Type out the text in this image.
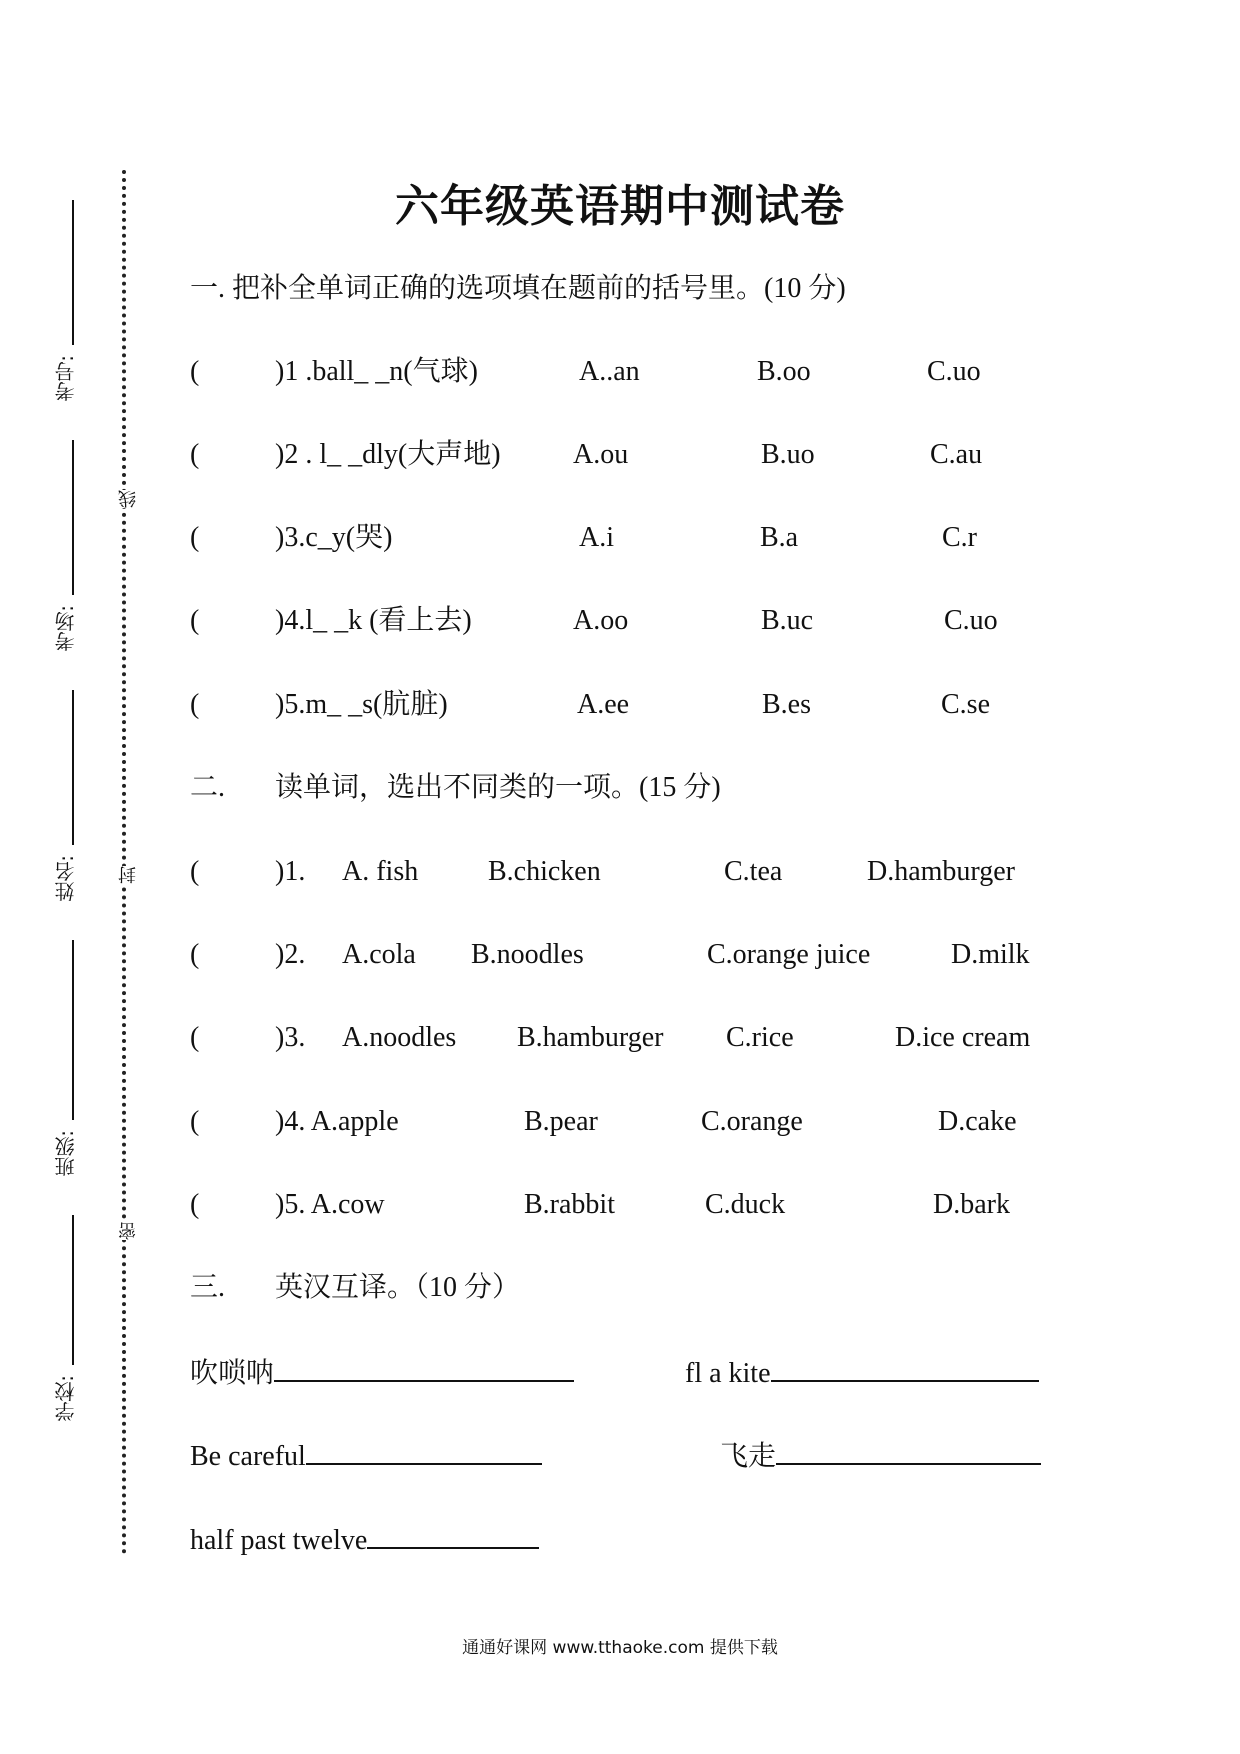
考号:
考场:
姓名:
班级:
学校:
线
封
密
六年级英语期中测试卷
一. 把补全单词正确的选项填在题前的括号里。(10 分)
(	)1 .ball_ _n(气球)	A..an	B.oo	C.uo
(	)2 . l_ _dly(大声地)	A.ou	B.uo	C.au
(	)3.c_y(哭)	A.i	B.a	C.r
(	)4.l_ _k (看上去)	A.oo	B.uc	C.uo
(	)5.m_ _s(肮脏)	A.ee	B.es	C.se
二. 读单词，选出不同类的一项。(15 分)
(	)1. A. fish B.chicken	C.tea	D.hamburger
(	)2. A.cola B.noodles	C.orange juice	D.milk
(	)3. A.noodles B.hamburger C.rice	D.ice cream
(	)4. A.apple	B.pear	C.orange	D.cake
(	)5. A.cow	B.rabbit	C.duck	D.bark
三. 英汉互译。（10 分）
吹唢呐	fl a kite
Be careful	飞走
half past twelve
通通好课网 www.tthaoke.com 提供下载
